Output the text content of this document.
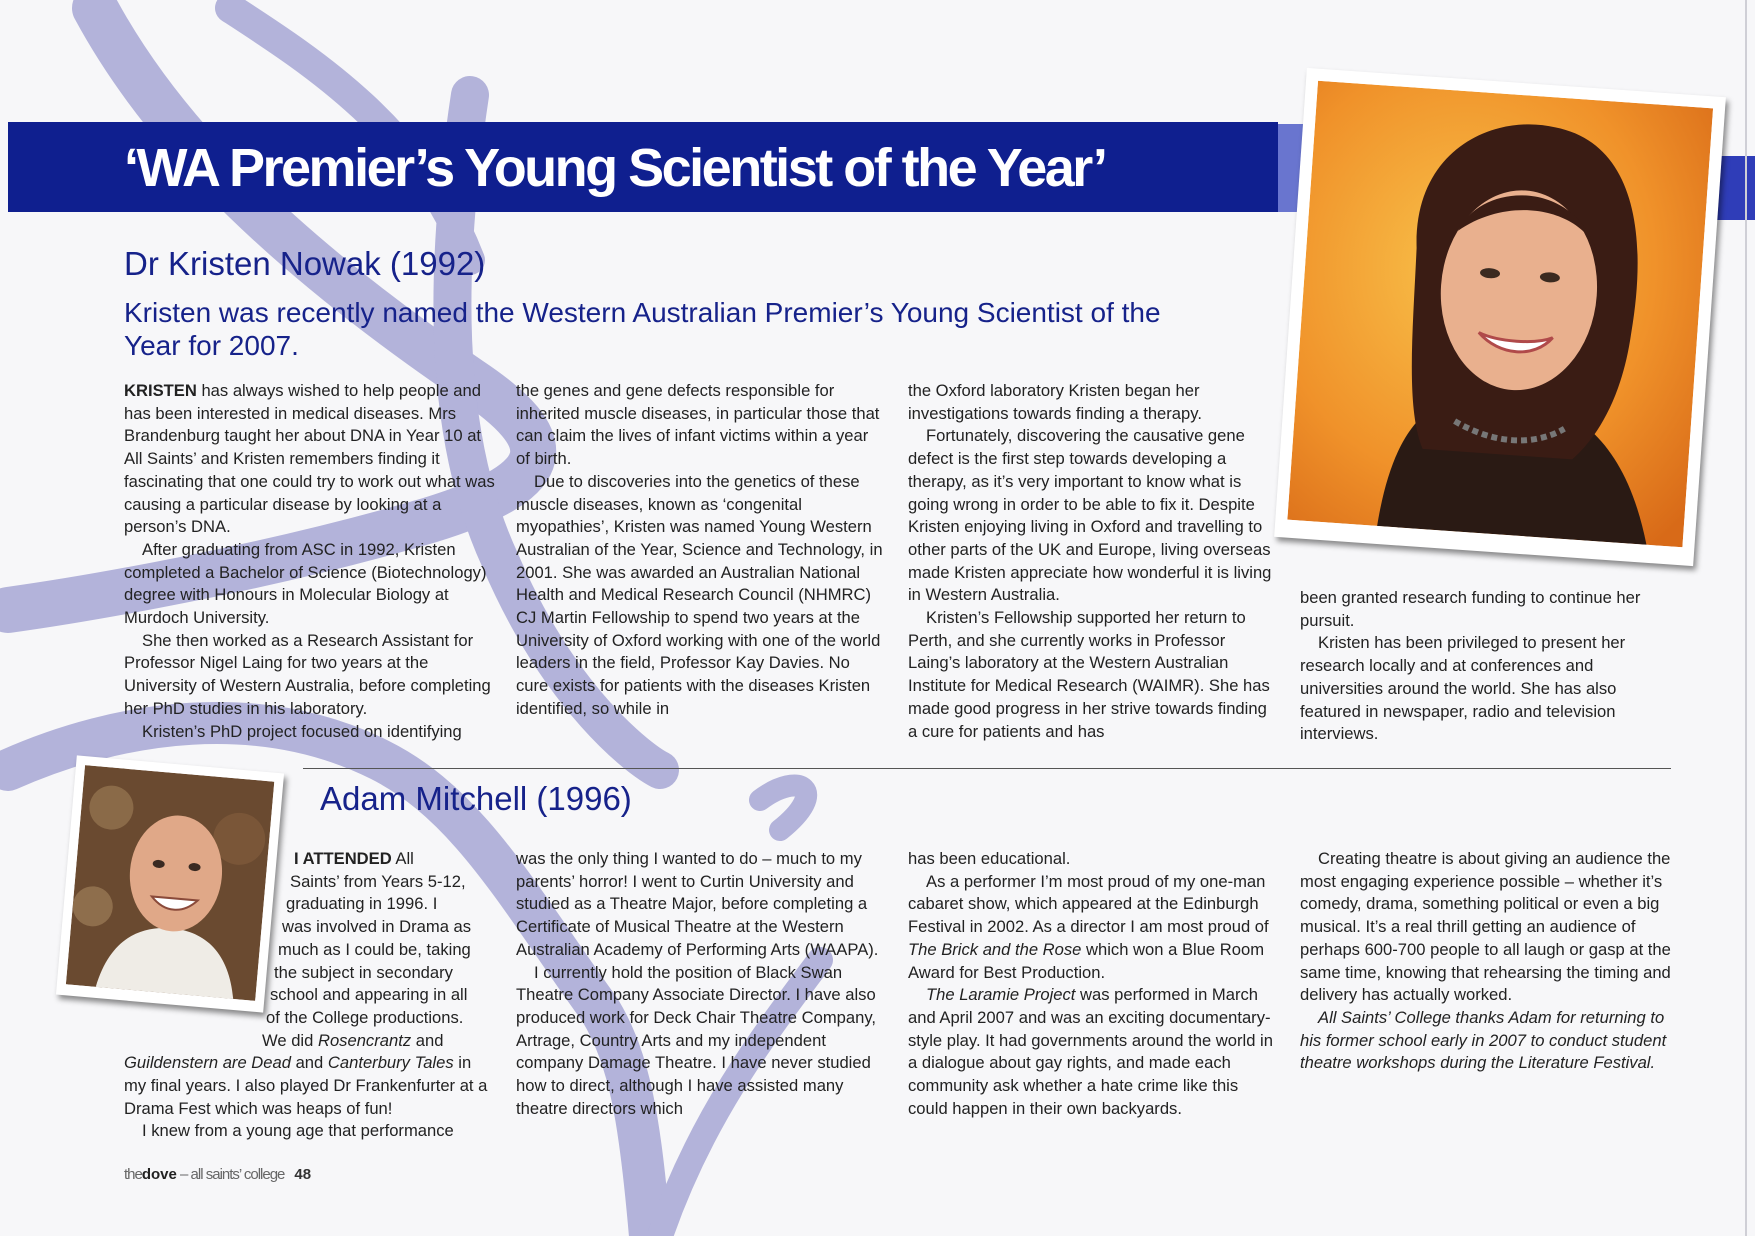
‘WA Premier’s Young Scientist of the Year’
Dr Kristen Nowak (1992)
Kristen was recently named the Western Australian Premier’s Young Scientist of the Year for 2007.

KRISTEN has always wished to help people and has been interested in medical diseases. Mrs Brandenburg taught her about DNA in Year 10 at All Saints’ and Kristen remembers finding it fascinating that one could try to work out what was causing a particular disease by looking at a person’s DNA.

After graduating from ASC in 1992, Kristen completed a Bachelor of Science (Biotechnology) degree with Honours in Molecular Biology at Murdoch University.

She then worked as a Research Assistant for Professor Nigel Laing for two years at the University of Western Australia, before completing her PhD studies in his laboratory.

Kristen’s PhD project focused on identifying

the genes and gene defects responsible for inherited muscle diseases, in particular those that can claim the lives of infant victims within a year of birth.

Due to discoveries into the genetics of these muscle diseases, known as ‘congenital myopathies’, Kristen was named Young Western Australian of the Year, Science and Technology, in 2001. She was awarded an Australian National Health and Medical Research Council (NHMRC) CJ Martin Fellowship to spend two years at the University of Oxford working with one of the world leaders in the field, Professor Kay Davies. No cure exists for patients with the diseases Kristen identified, so while in

the Oxford laboratory Kristen began her investigations towards finding a therapy.

Fortunately, discovering the causative gene defect is the first step towards developing a therapy, as it’s very important to know what is going wrong in order to be able to fix it. Despite Kristen enjoying living in Oxford and travelling to other parts of the UK and Europe, living overseas made Kristen appreciate how wonderful it is living in Western Australia.

Kristen’s Fellowship supported her return to Perth, and she currently works in Professor Laing’s laboratory at the Western Australian Institute for Medical Research (WAIMR). She has made good progress in her strive towards finding a cure for patients and has

been granted research funding to continue her pursuit.

Kristen has been privileged to present her research locally and at conferences and universities around the world. She has also featured in newspaper, radio and television interviews.

Adam Mitchell (1996)
I ATTENDED All
Saints’ from Years 5-12,
graduating in 1996. I
was involved in Drama as
much as I could be, taking
the subject in secondary
school and appearing in all
of the College productions.

We did Rosencrantz and Guildenstern are Dead and Canterbury Tales in my final years. I also played Dr Frankenfurter at a Drama Fest which was heaps of fun!

I knew from a young age that performance

was the only thing I wanted to do – much to my parents’ horror! I went to Curtin University and studied as a Theatre Major, before completing a Certificate of Musical Theatre at the Western Australian Academy of Performing Arts (WAAPA).

I currently hold the position of Black Swan Theatre Company Associate Director. I have also produced work for Deck Chair Theatre Company, Artrage, Country Arts and my independent company Damage Theatre. I have never studied how to direct, although I have assisted many theatre directors which

has been educational.

As a performer I’m most proud of my one-man cabaret show, which appeared at the Edinburgh Festival in 2002. As a director I am most proud of The Brick and the Rose which won a Blue Room Award for Best Production.

The Laramie Project was performed in March and April 2007 and was an exciting documentary-style play. It had governments around the world in a dialogue about gay rights, and made each community ask whether a hate crime like this could happen in their own backyards.

Creating theatre is about giving an audience the most engaging experience possible – whether it’s comedy, drama, something political or even a big musical. It’s a real thrill getting an audience of perhaps 600-700 people to all laugh or gasp at the same time, knowing that rehearsing the timing and delivery has actually worked.

All Saints’ College thanks Adam for returning to his former school early in 2007 to conduct student theatre workshops during the Literature Festival.

thedove – all saints’ college 48
